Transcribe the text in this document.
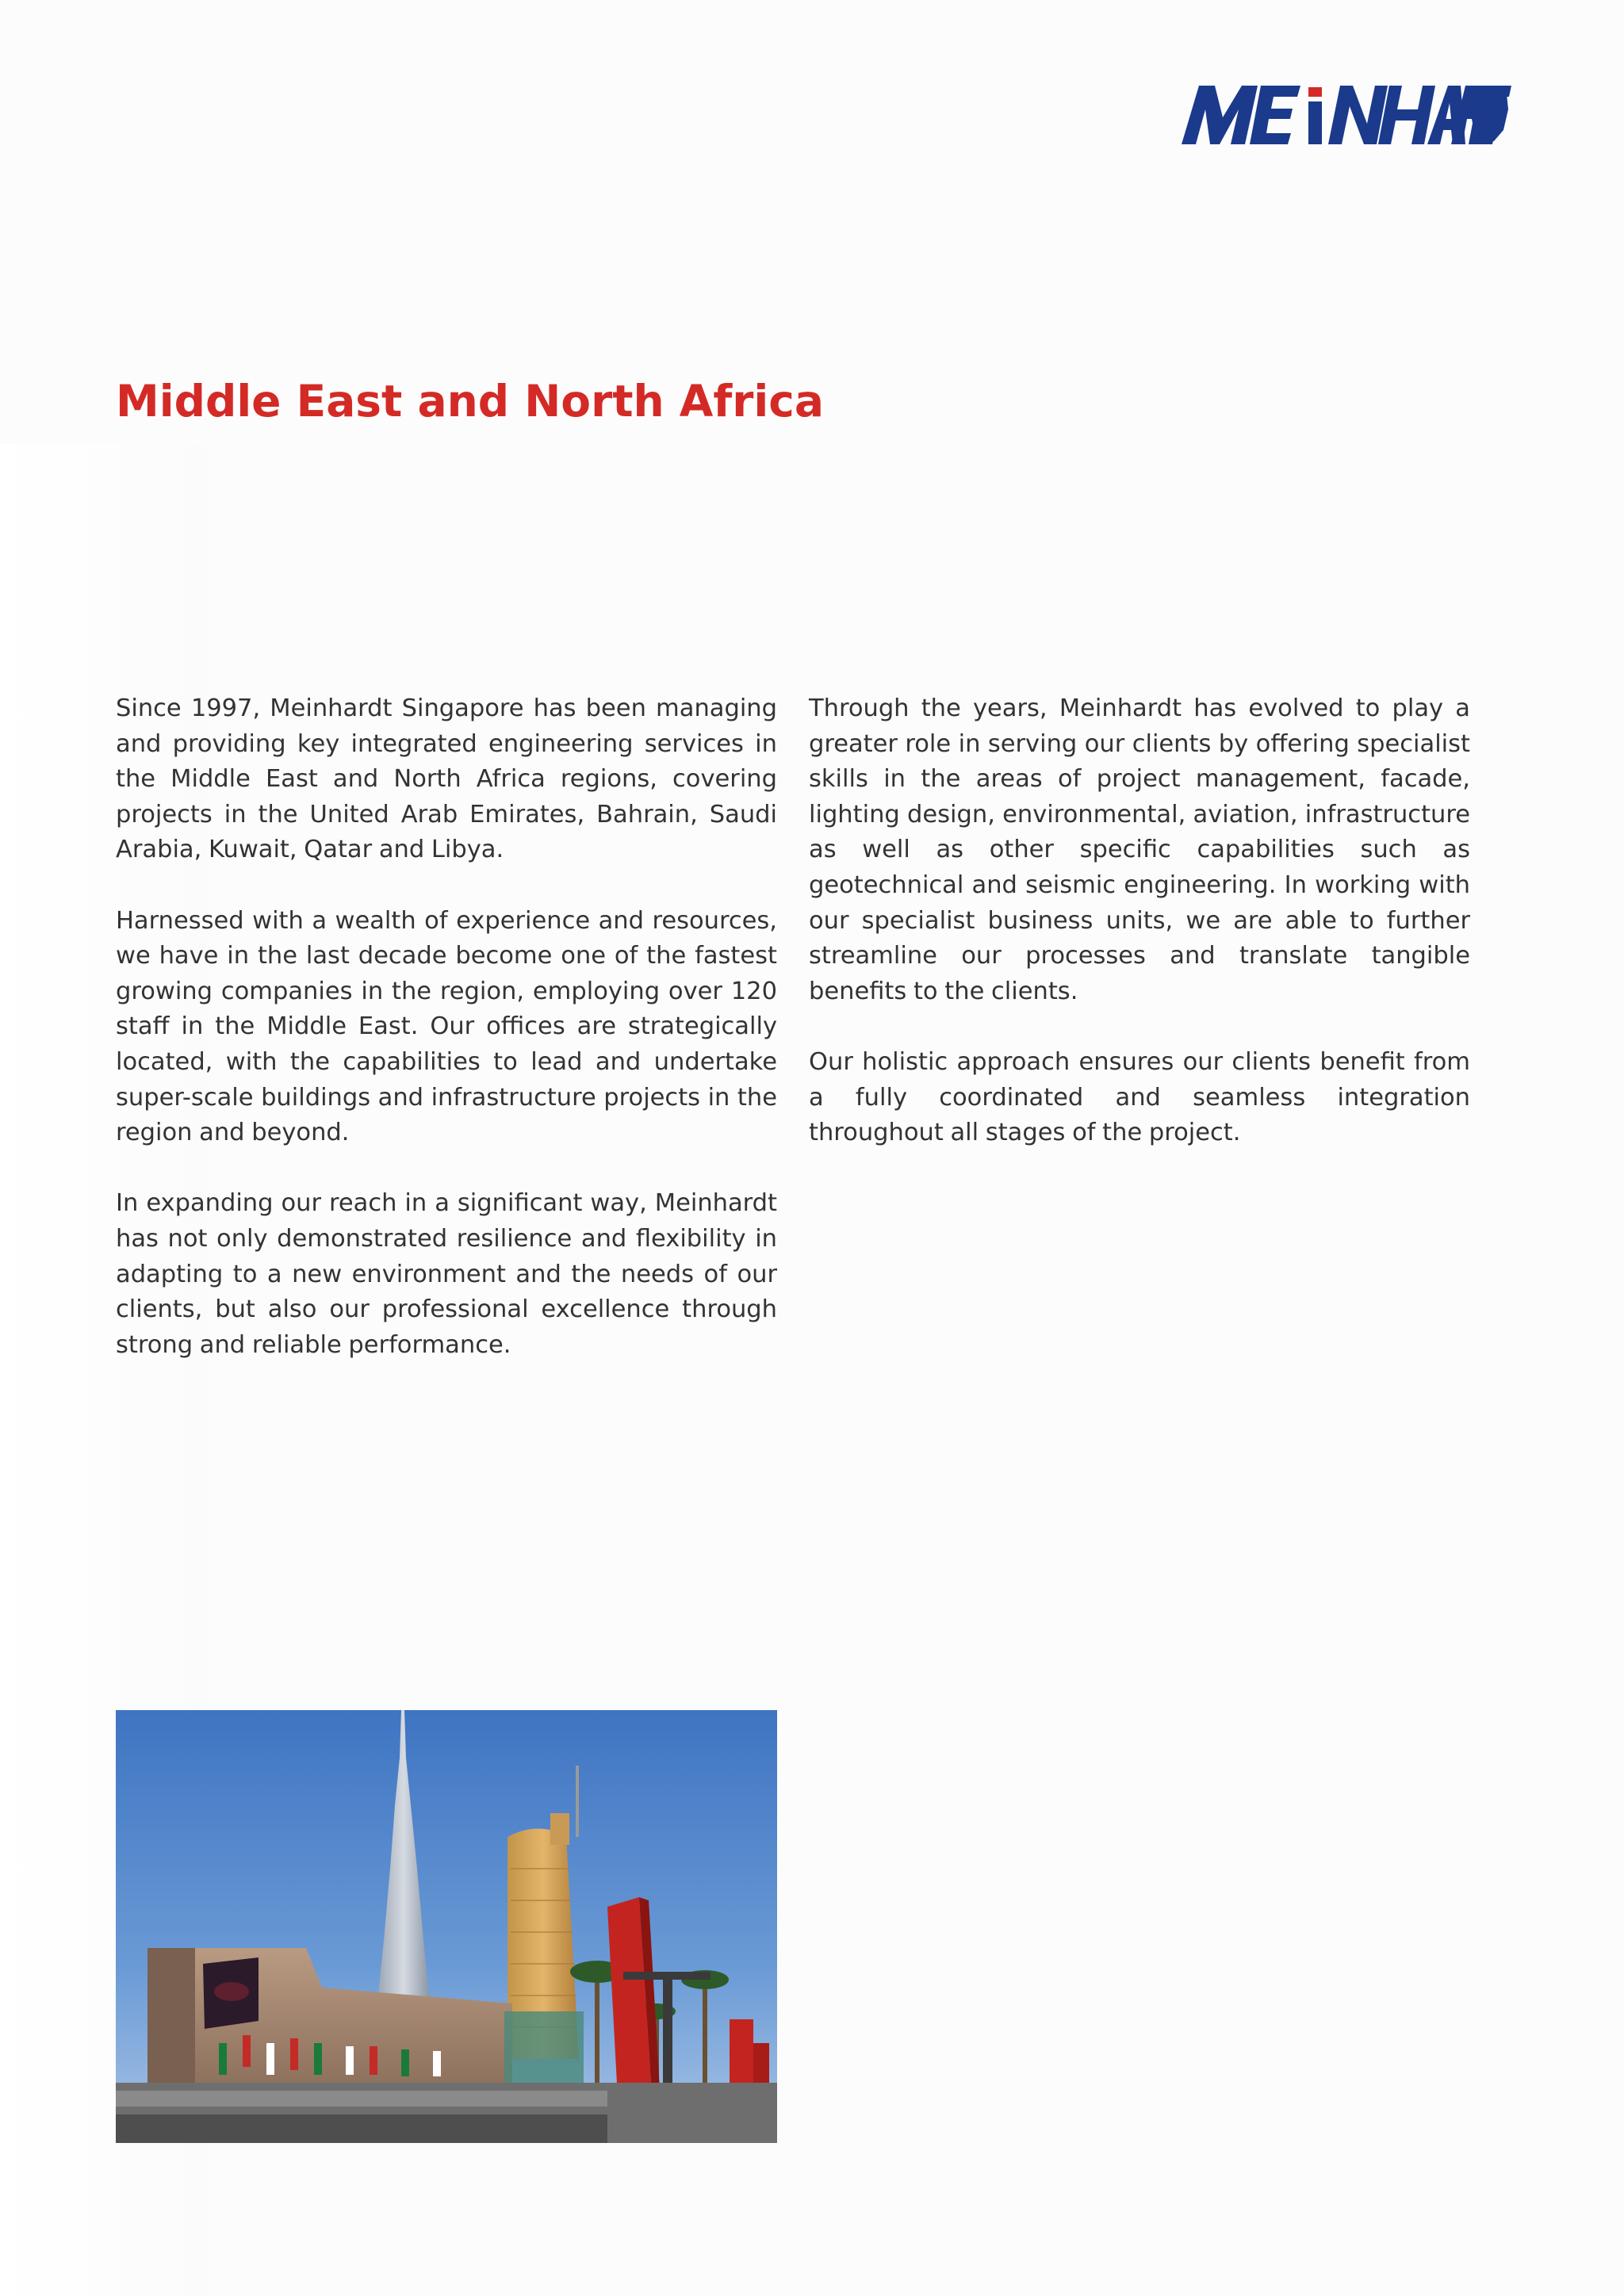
Middle East and North Africa

Since 1997, Meinhardt Singapore has been managing and providing key integrated engineering services in the Middle East and North Africa regions, covering projects in the United Arab Emirates, Bahrain, Saudi Arabia, Kuwait, Qatar and Libya.

Harnessed with a wealth of experience and resources, we have in the last decade become one of the fastest growing companies in the region, employing over 120 staff in the Middle East. Our offices are strategically located, with the capabilities to lead and undertake super-scale buildings and infrastructure projects in the region and beyond.

In expanding our reach in a significant way, Meinhardt has not only demonstrated resilience and flexibility in adapting to a new environment and the needs of our clients, but also our professional excellence through strong and reliable performance.

Through the years, Meinhardt has evolved to play a greater role in serving our clients by offering specialist skills in the areas of project management, facade, lighting design, environmental, aviation, infrastructure as well as other specific capabilities such as geotechnical and seismic engineering. In working with our specialist business units, we are able to further streamline our processes and translate tangible benefits to the clients.

Our holistic approach ensures our clients benefit from a fully coordinated and seamless integration throughout all stages of the project.
